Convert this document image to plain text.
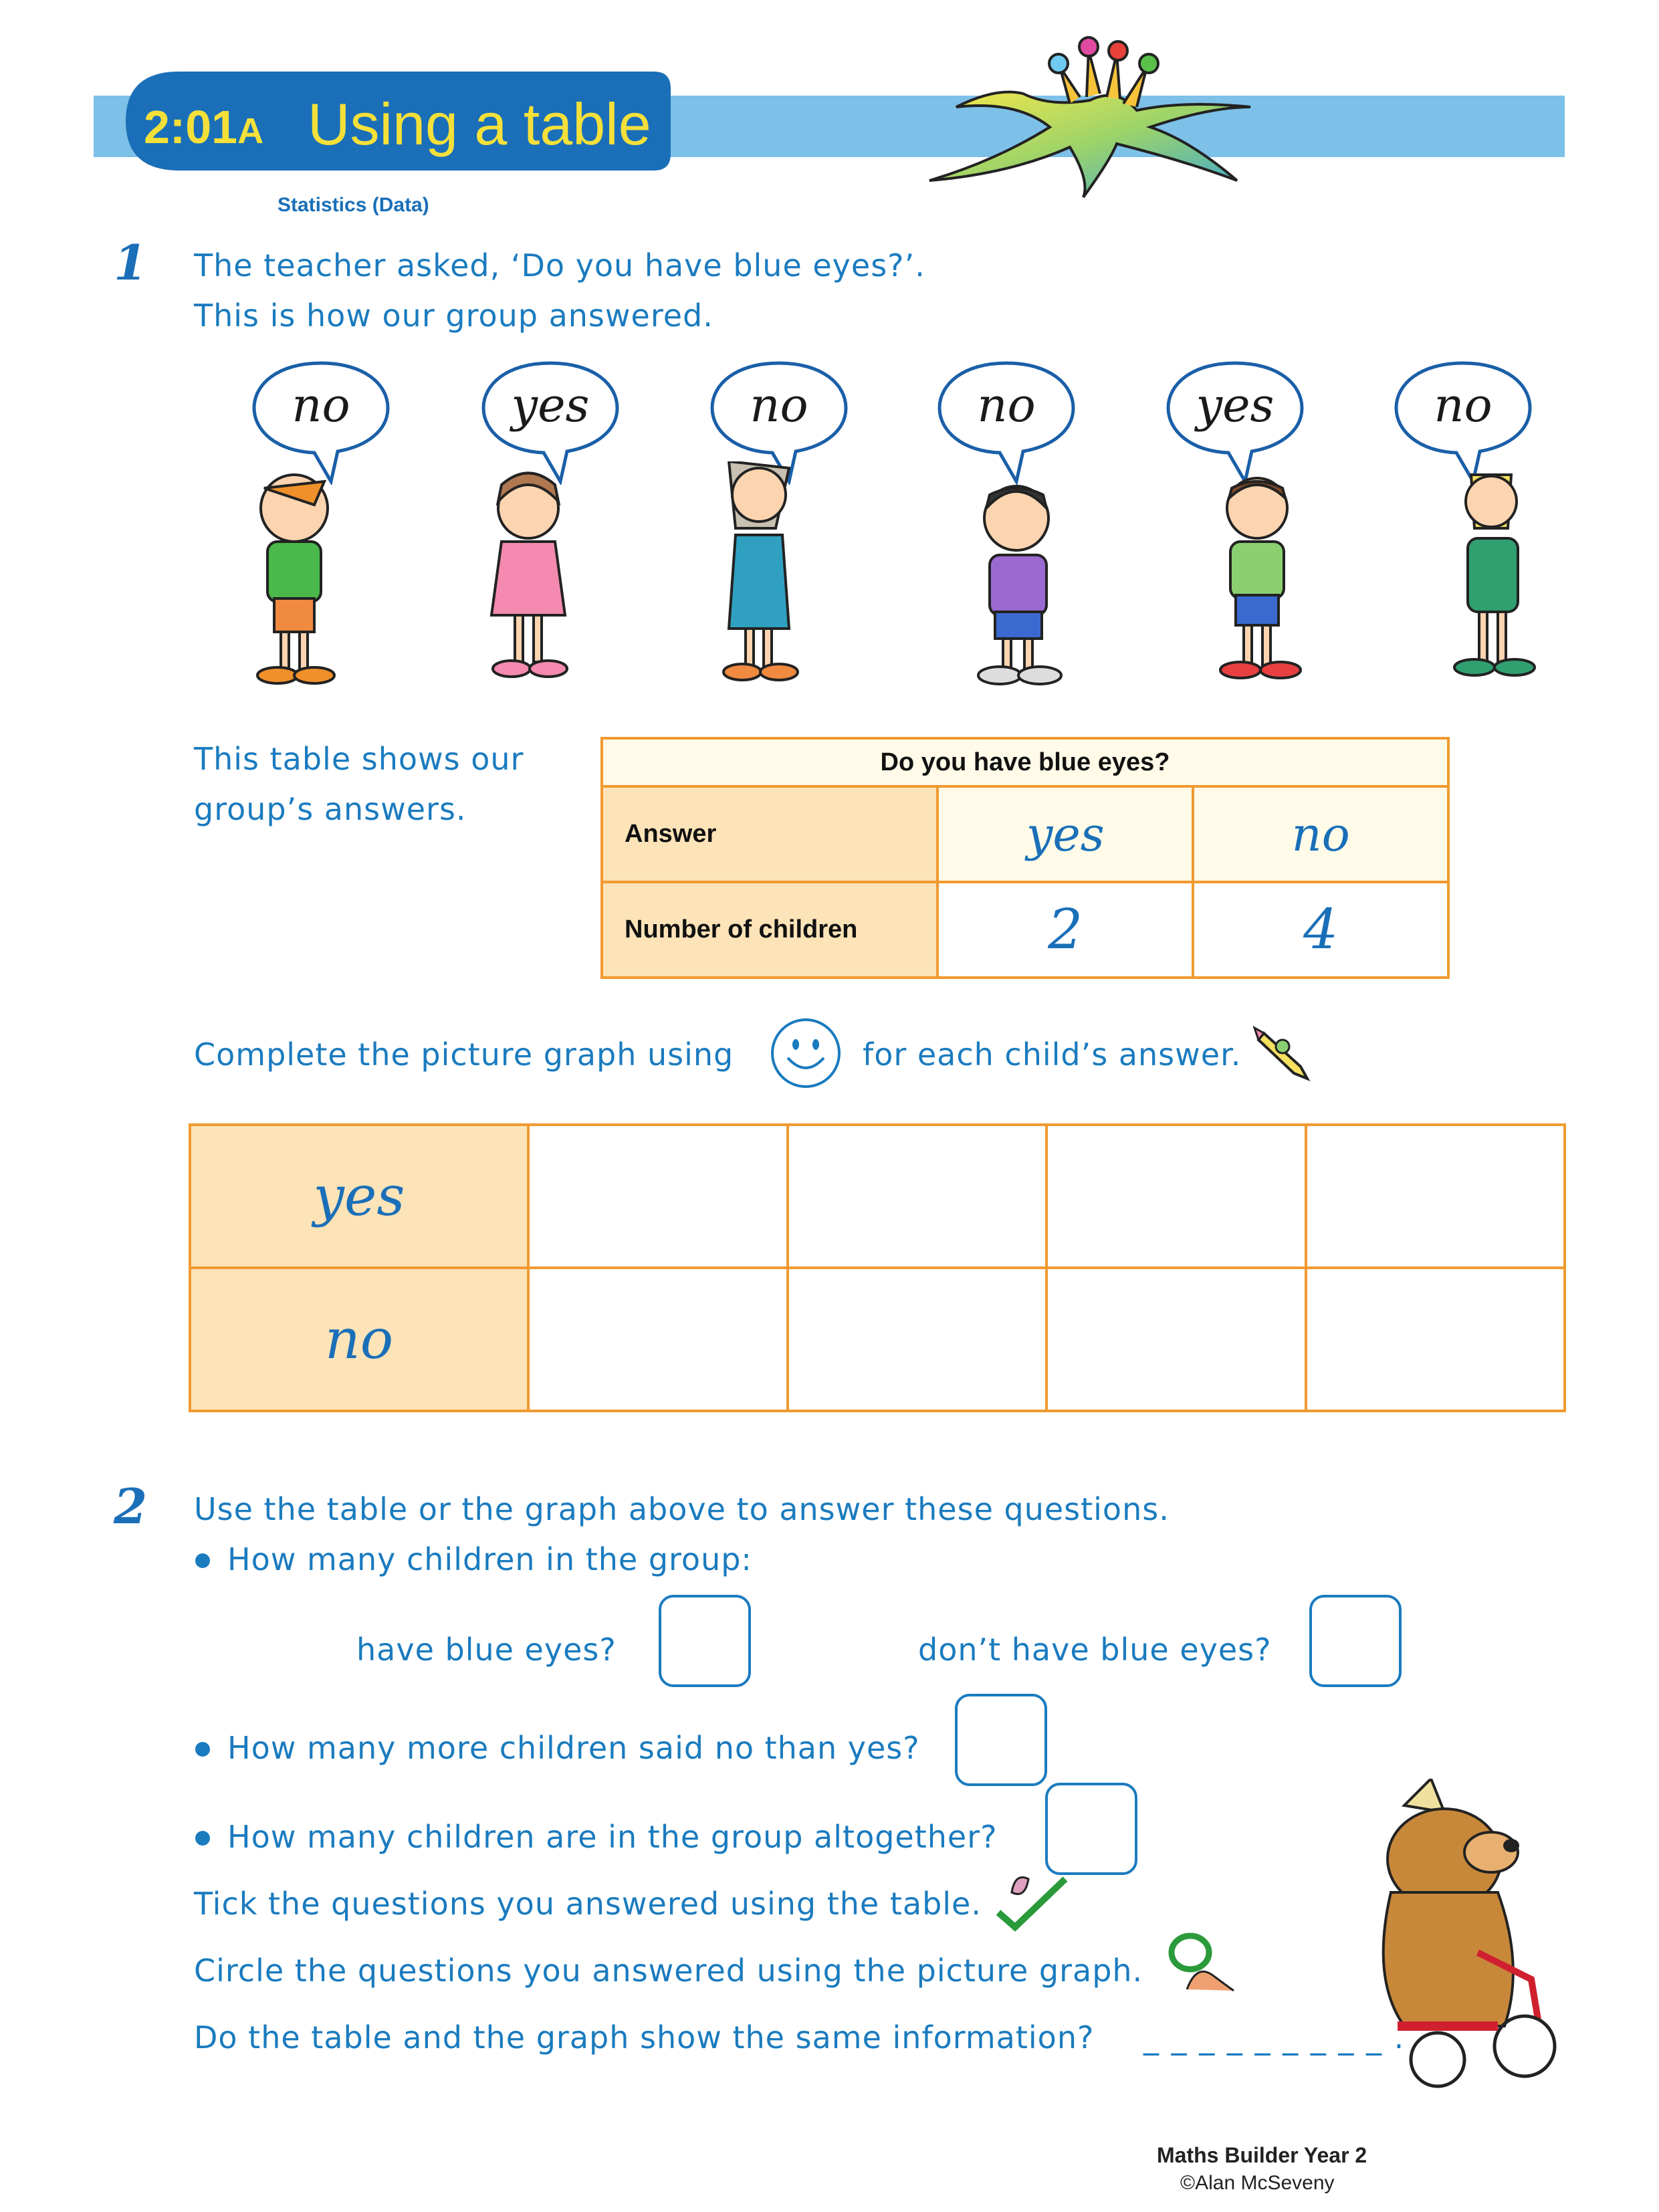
2:01A Using a table
Statistics (Data)
1 The teacher asked, ‘Do you have blue eyes?’.
This is how our group answered.
no	yes	no	no	yes	no
This table shows our
group’s answers.
Do you have blue eyes?		
Answer	yes	no
Number of children	2	4
Complete the picture graph using	for each child’s answer.
yes				
no				
2 Use the table or the graph above to answer these questions.
How many children in the group:
have blue eyes?	don’t have blue eyes?
How many more children said no than yes?
How many children are in the group altogether?
Tick the questions you answered using the table.
Circle the questions you answered using the picture graph.
Do the table and the graph show the same information? _ _ _ _ _ _ _ _ _ .
Maths Builder Year 2
©Alan McSeveny
